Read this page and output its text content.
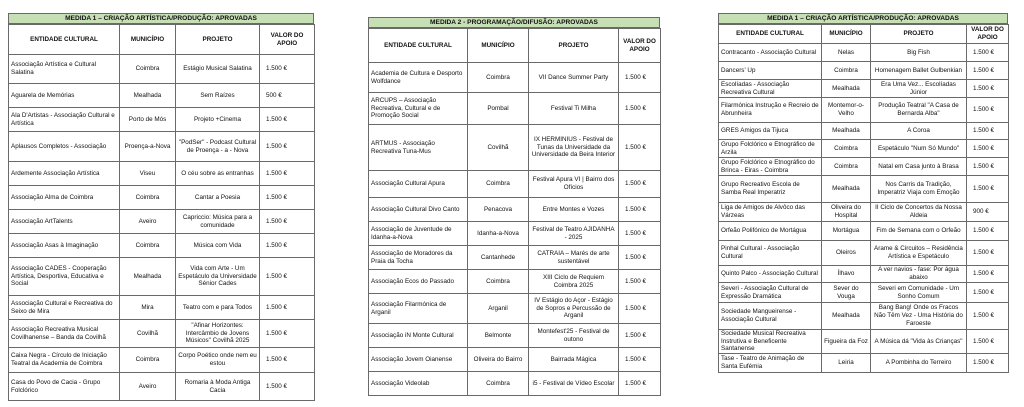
MEDIDA 1 – CRIAÇÃO ARTÍSTICA/PRODUÇÃO: APROVADAS
ENTIDADE CULTURAL	MUNICÍPIO	PROJETO	VALOR DO APOIO
Associação Artística e Cultural Salatina	Coimbra	Estágio Musical Salatina	1.500 €
Aguarela de Memórias	Mealhada	Sem Raízes	500 €
Ala D'Artistas - Associação Cultural e Artística	Porto de Mós	Projeto +Cinema	1.500 €
Aplausos Completos - Associação	Proença-a-Nova	"PodSer" - Podcast Cultural de Proença - a - Nova	1.500 €
Ardemente Associação Artística	Viseu	O céu sobre as entranhas	1.500 €
Associação Alma de Coimbra	Coimbra	Cantar a Poesia	1.500 €
Associação ArtTalents	Aveiro	Capriccio: Música para a comunidade	1.500 €
Associação Asas à Imaginação	Coimbra	Música com Vida	1.500 €
Associação CADES - Cooperação Artística, Desportiva, Educativa e Social	Mealhada	Vida com Arte - Um Espetáculo da Universidade Sénior Cades	1.500 €
Associação Cultural e Recreativa do Seixo de Mira	Mira	Teatro com e para Todos	1.500 €
Associação Recreativa Musical Covilhanense – Banda da Covilhã	Covilhã	"Afinar Horizontes: Intercâmbio de Jovens Músicos" Covilhã 2025	1.500 €
Caixa Negra - Círculo de Iniciação Teatral da Academia de Coimbra	Coimbra	Corpo Poético onde nem eu estou	1.500 €
Casa do Povo de Cacia - Grupo Folclórico	Aveiro	Romaria à Moda Antiga Cacia	1.500 €
MEDIDA 2 - PROGRAMAÇÃO/DIFUSÃO: APROVADAS
ENTIDADE CULTURAL	MUNICÍPIO	PROJETO	VALOR DO APOIO
Academia de Cultura e Desporto Wolfdance	Coimbra	VII Dance Summer Party	1.500 €
ARCUPS – Associação Recreativa, Cultural e de Promoção Social	Pombal	Festival Ti Milha	1.500 €
ARTMUS - Associação Recreativa Tuna-Mus	Covilhã	IX HERMINIUS - Festival de Tunas da Universidade da Universidade da Beira Interior	1.500 €
Associação Cultural Apura	Coimbra	Festival Apura VI | Bairro dos Ofícios	1.500 €
Associação Cultural Divo Canto	Penacova	Entre Montes e Vozes	1.500 €
Associação de Juventude de Idanha-a-Nova	Idanha-a-Nova	Festival de Teatro AJIDANHA - 2025	1.500 €
Associação de Moradores da Praia da Tocha	Cantanhede	CATRAIA – Marés de arte sustentável	1.500 €
Associação Ecos do Passado	Coimbra	XIII Ciclo de Requiem Coimbra 2025	1.500 €
Associação Filarmónica de Arganil	Arganil	IV Estágio do Açor - Estágio de Sopros e Percussão de Arganil	1.500 €
Associação iN Monte Cultural	Belmonte	Montefest'25 - Festival de outono	1.500 €
Associação Jovem Oianense	Oliveira do Bairro	Bairrada Mágica	1.500 €
Associação Videolab	Coimbra	i5 - Festival de Vídeo Escolar	1.500 €
MEDIDA 1 – CRIAÇÃO ARTÍSTICA/PRODUÇÃO: APROVADAS
ENTIDADE CULTURAL	MUNICÍPIO	PROJETO	VALOR DO APOIO
Contracanto - Associação Cultural	Nelas	Big Fish	1.500 €
Dancers' Up	Coimbra	Homenagem Ballet Gulbenkian	1.500 €
Escolíadas - Associação Recreativa Cultural	Mealhada	Era Uma Vez... Escolíadas Júnior	1.500 €
Filarmónica Instrução e Recreio de Abrunheira	Montemor-o-Velho	Produção Teatral "A Casa de Bernarda Alba"	1.500 €
GRES Amigos da Tijuca	Mealhada	A Coroa	1.500 €
Grupo Folclórico e Etnográfico de Arzila	Coimbra	Espetáculo "Num Só Mundo"	1.500 €
Grupo Folclórico e Etnográfico do Brinca - Eiras - Coimbra	Coimbra	Natal em Casa junto à Brasa	1.500 €
Grupo Recreativo Escola de Samba Real Imperatriz	Mealhada	Nos Carris da Tradição, Imperatriz Viaja com Emoção	1.500 €
Liga de Amigos de Alvôco das Várzeas	Oliveira do Hospital	II Ciclo de Concertos da Nossa Aldeia	900 €
Orfeão Polifónico de Mortágua	Mortágua	Fim de Semana com o Orfeão	1.500 €
Pinhal Cultural - Associação Cultural	Oleiros	Arame & Circuitos – Residência Artística e Espetáculo	1.500 €
Quinto Palco - Associação Cultural	Ílhavo	A ver navios - fase: Por água abaixo	1.500 €
Severi - Associação Cultural de Expressão Dramática	Sever do Vouga	Severi em Comunidade - Um Sonho Comum	1.500 €
Sociedade Mangueirense - Associação Cultural	Mealhada	Bang Bang! Onde os Fracos Não Têm Vez - Uma História do Faroeste	1.500 €
Sociedade Musical Recreativa Instrutiva e Beneficente Santanense	Figueira da Foz	A Música dá "Vida às Crianças"	1.500 €
Tase - Teatro de Animação de Santa Eufémia	Leiria	A Pombinha do Terreiro	1.500 €
